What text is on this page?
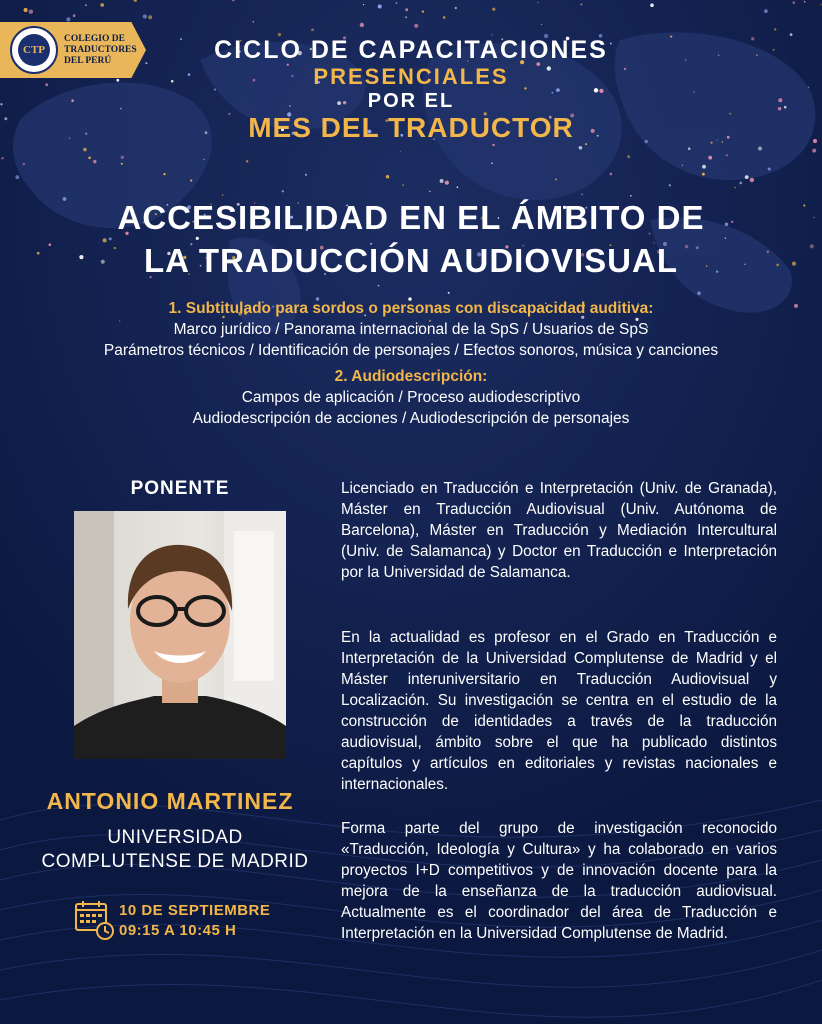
CTP
COLEGIO DE
TRADUCTORES
DEL PERÚ	CICLO DE CAPACITACIONES
PRESENCIALES
POR EL
MES DEL TRADUCTOR
ACCESIBILIDAD EN EL ÁMBITO DE
LA TRADUCCIÓN AUDIOVISUAL
1. Subtitulado para sordos o personas con discapacidad auditiva:
Marco jurídico / Panorama internacional de la SpS / Usuarios de SpS
Parámetros técnicos / Identificación de personajes / Efectos sonoros, música y canciones
2. Audiodescripción:
Campos de aplicación / Proceso audiodescriptivo
Audiodescripción de acciones / Audiodescripción de personajes
PONENTE
ANTONIO MARTINEZ
UNIVERSIDAD
COMPLUTENSE DE MADRID
10 DE SEPTIEMBRE
09:15 A 10:45 H
Licenciado en Traducción e Interpretación (Univ. de Granada), Máster en Traducción Audiovisual (Univ. Autónoma de Barcelona), Máster en Traducción y Mediación Intercultural (Univ. de Salamanca) y Doctor en Traducción e Interpretación por la Universidad de Salamanca.
En la actualidad es profesor en el Grado en Traducción e Interpretación de la Universidad Complutense de Madrid y el Máster interuniversitario en Traducción Audiovisual y Localización. Su investigación se centra en el estudio de la construcción de identidades a través de la traducción audiovisual, ámbito sobre el que ha publicado distintos capítulos y artículos en editoriales y revistas nacionales e internacionales.
Forma parte del grupo de investigación reconocido «Traducción, Ideología y Cultura» y ha colaborado en varios proyectos I+D competitivos y de innovación docente para la mejora de la enseñanza de la traducción audiovisual. Actualmente es el coordinador del área de Traducción e Interpretación en la Universidad Complutense de Madrid.
